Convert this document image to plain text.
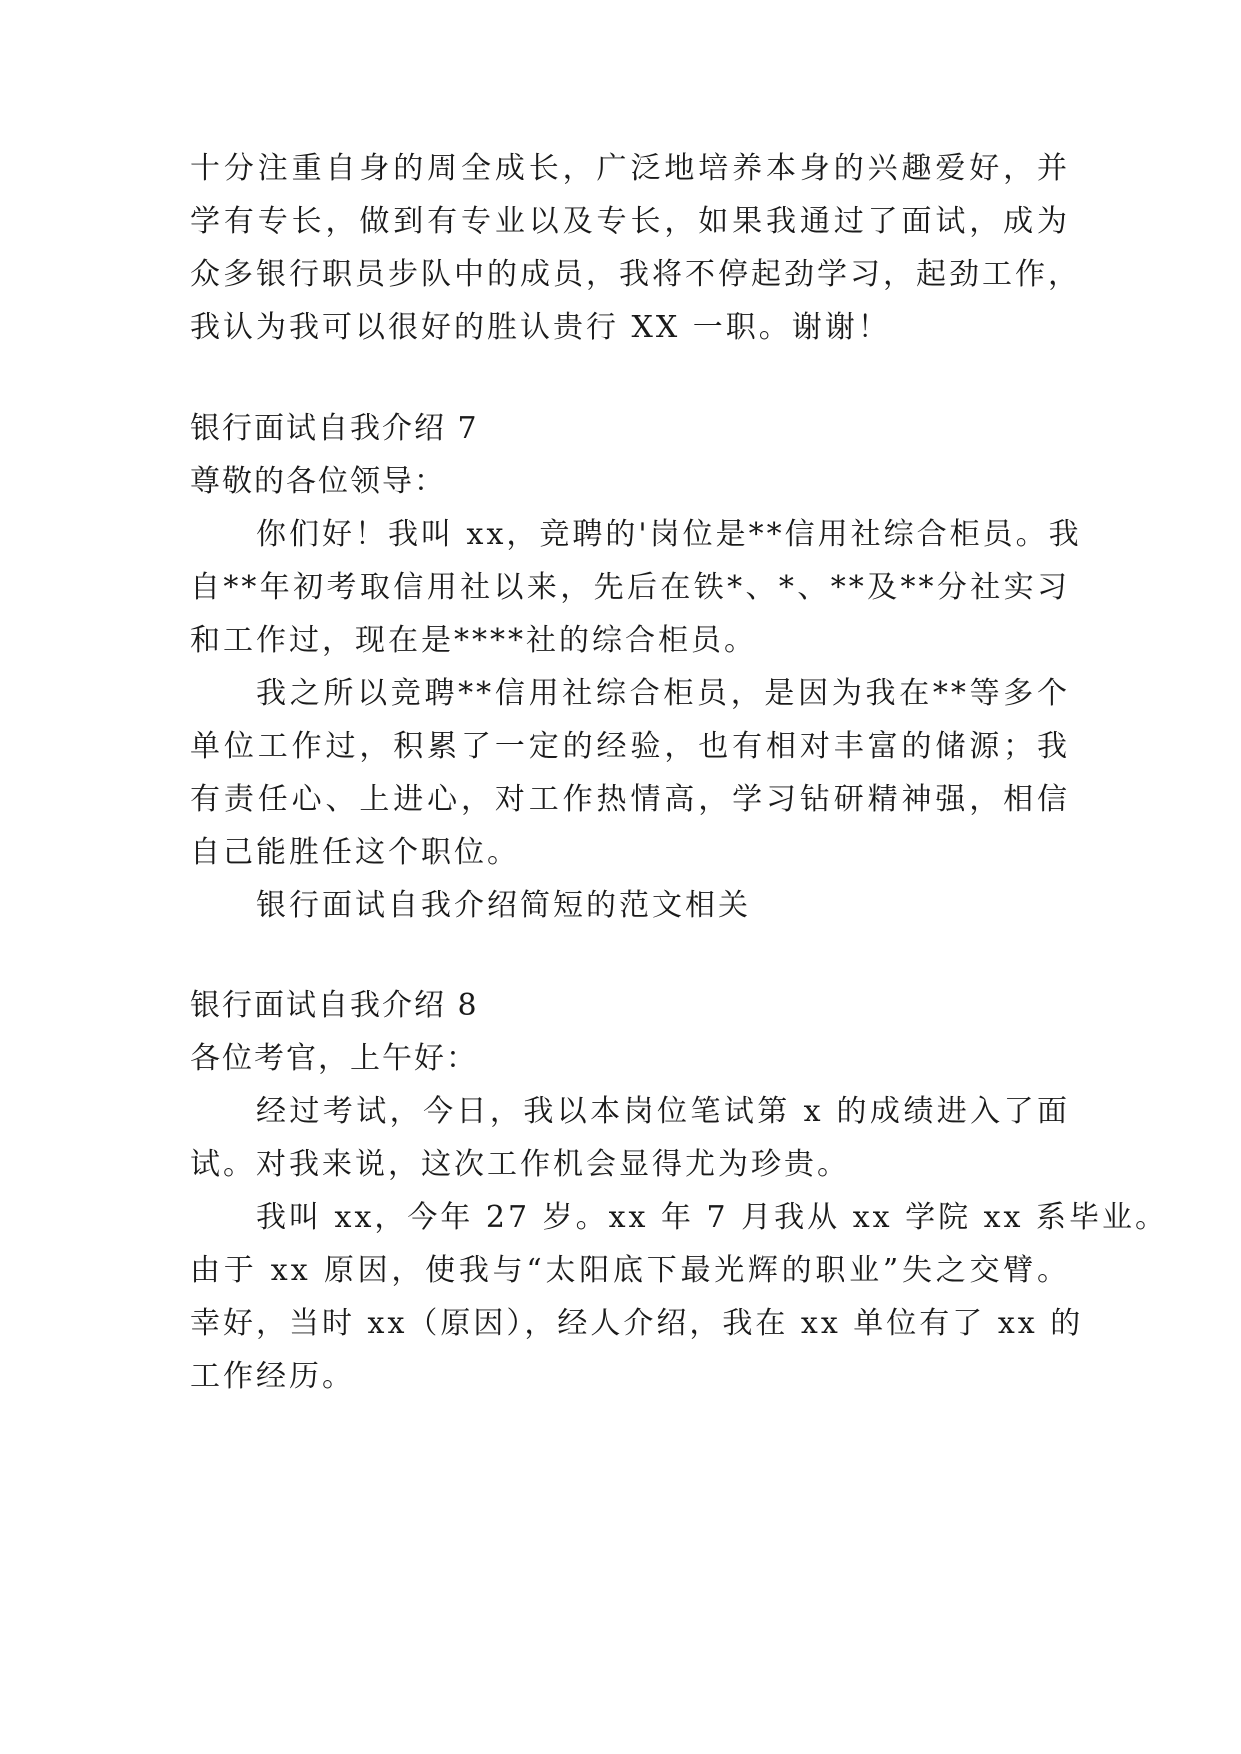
十分注重自身的周全成长，广泛地培养本身的兴趣爱好，并
学有专长，做到有专业以及专长，如果我通过了面试，成为
众多银行职员步队中的成员，我将不停起劲学习，起劲工作，
我认为我可以很好的胜认贵行 XX 一职。谢谢！
银行面试自我介绍 7
尊敬的各位领导：
你们好！我叫 xx，竞聘的'岗位是**信用社综合柜员。我
自**年初考取信用社以来，先后在铁*、*、**及**分社实习
和工作过，现在是****社的综合柜员。
我之所以竞聘**信用社综合柜员，是因为我在**等多个
单位工作过，积累了一定的经验，也有相对丰富的储源；我
有责任心、上进心，对工作热情高，学习钻研精神强，相信
自己能胜任这个职位。
银行面试自我介绍简短的范文相关
银行面试自我介绍 8
各位考官，上午好：
经过考试，今日，我以本岗位笔试第 x 的成绩进入了面
试。对我来说，这次工作机会显得尤为珍贵。
我叫 xx，今年 27 岁。xx 年 7 月我从 xx 学院 xx 系毕业。
由于 xx 原因，使我与“太阳底下最光辉的职业”失之交臂。
幸好，当时 xx（原因），经人介绍，我在 xx 单位有了 xx 的
工作经历。
